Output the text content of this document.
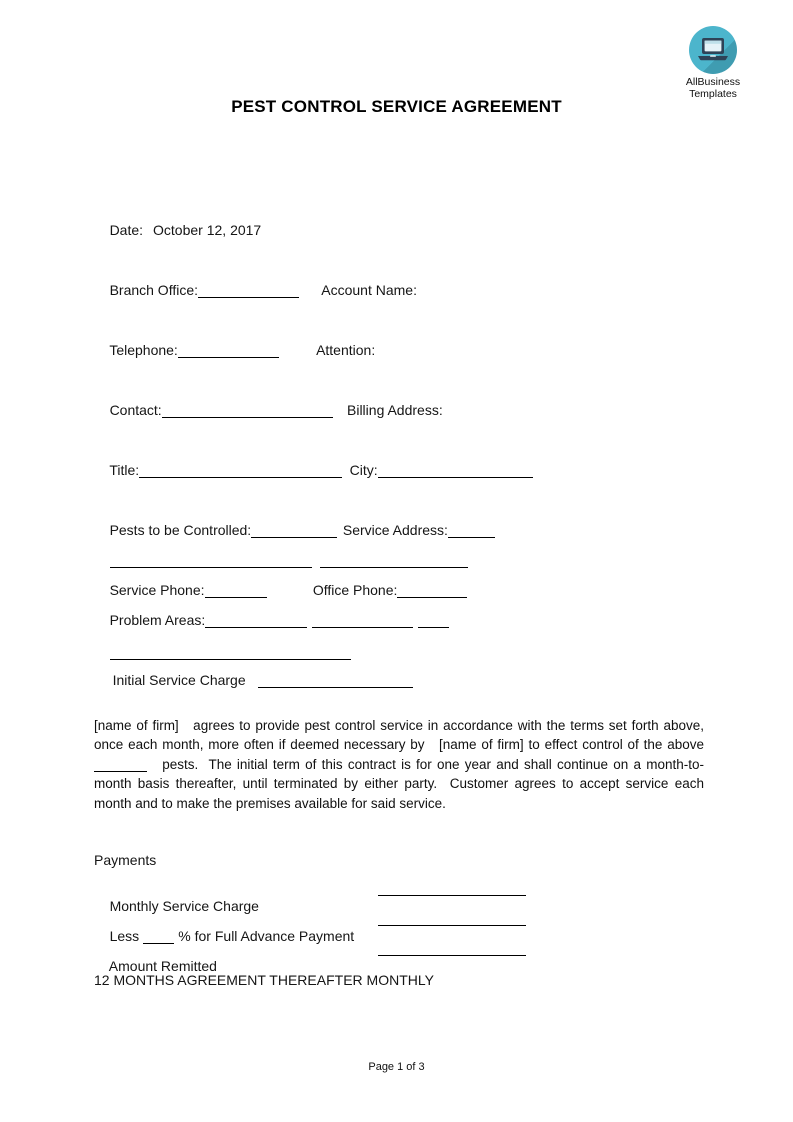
AllBusiness
Templates
PEST CONTROL SERVICE AGREEMENT

Date: October 12, 2017

Branch Office:	Account Name:

Telephone:	Attention:

Contact:	Billing Address:

Title:	City:

Pests to be Controlled:	Service Address:

Service Phone:	Office Phone:

Problem Areas:

Initial Service Charge

[name of firm]   agrees to provide pest control service in accordance with the terms set forth above, once each month, more often if deemed necessary by   [name of firm] to effect control of the above    pests.  The initial term of this contract is for one year and shall continue on a month-to-month basis thereafter, until terminated by either party.  Customer agrees to accept service each month and to make the premises available for said service.
Payments

Monthly Service Charge

Less	% for Full Advance Payment

Amount Remitted

12 MONTHS AGREEMENT THEREAFTER MONTHLY
Page 1 of 3
